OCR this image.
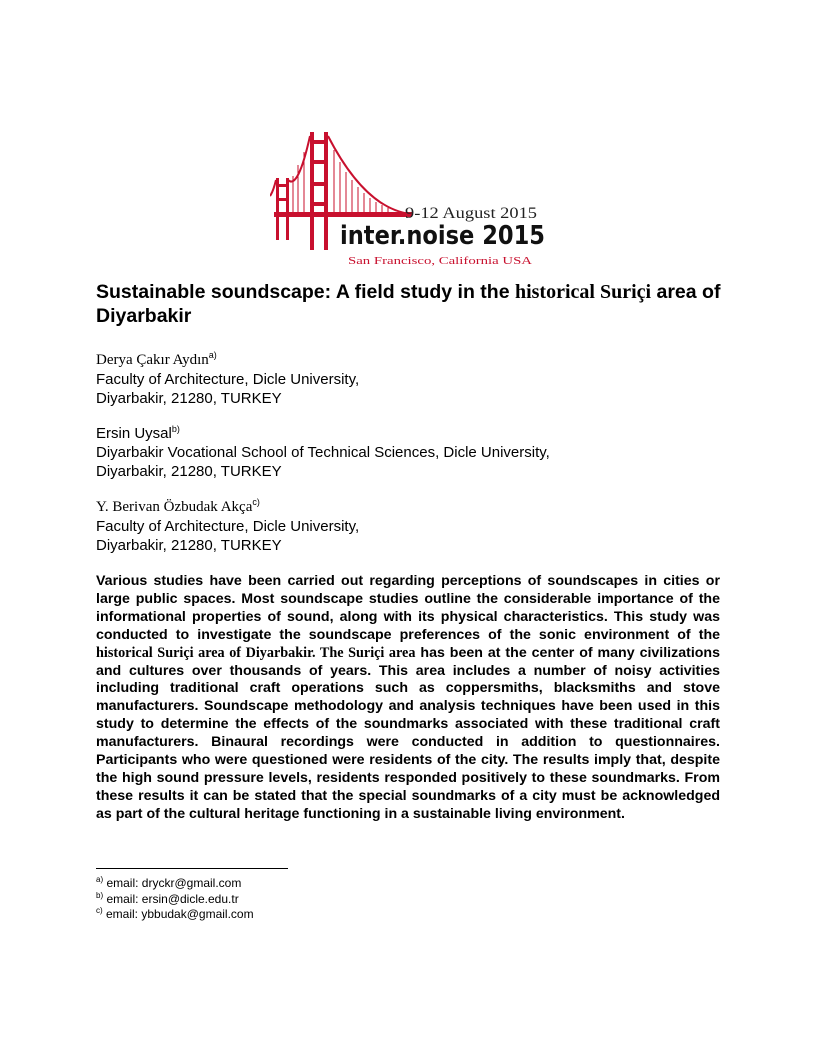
9-12 August 2015
inter.noise 2015
San Francisco, California USA
Sustainable soundscape: A field study in the historical Suriçi area of Diyarbakir
Derya Çakır Aydın$^{a)}$
Faculty of Architecture, Dicle University,
Diyarbakir, 21280, TURKEY
Ersin Uysal$^{b)}$
Diyarbakir Vocational School of Technical Sciences, Dicle University,
Diyarbakir, 21280, TURKEY
Y. Berivan Özbudak Akça$^{c)}$
Faculty of Architecture, Dicle University,
Diyarbakir, 21280, TURKEY
Various studies have been carried out regarding perceptions of soundscapes in cities or large public spaces. Most soundscape studies outline the considerable importance of the informational properties of sound, along with its physical characteristics. This study was conducted to investigate the soundscape preferences of the sonic environment of the historical Suriçi area of Diyarbakir. The Suriçi area has been at the center of many civilizations and cultures over thousands of years. This area includes a number of noisy activities including traditional craft operations such as coppersmiths, blacksmiths and stove manufacturers. Soundscape methodology and analysis techniques have been used in this study to determine the effects of the soundmarks associated with these traditional craft manufacturers. Binaural recordings were conducted in addition to questionnaires. Participants who were questioned were residents of the city. The results imply that, despite the high sound pressure levels, residents responded positively to these soundmarks. From these results it can be stated that the special soundmarks of a city must be acknowledged as part of the cultural heritage functioning in a sustainable living environment.
$^{a)}$ email: dryckr@gmail.com
$^{b)}$ email: ersin@dicle.edu.tr
$^{c)}$ email: ybbudak@gmail.com
